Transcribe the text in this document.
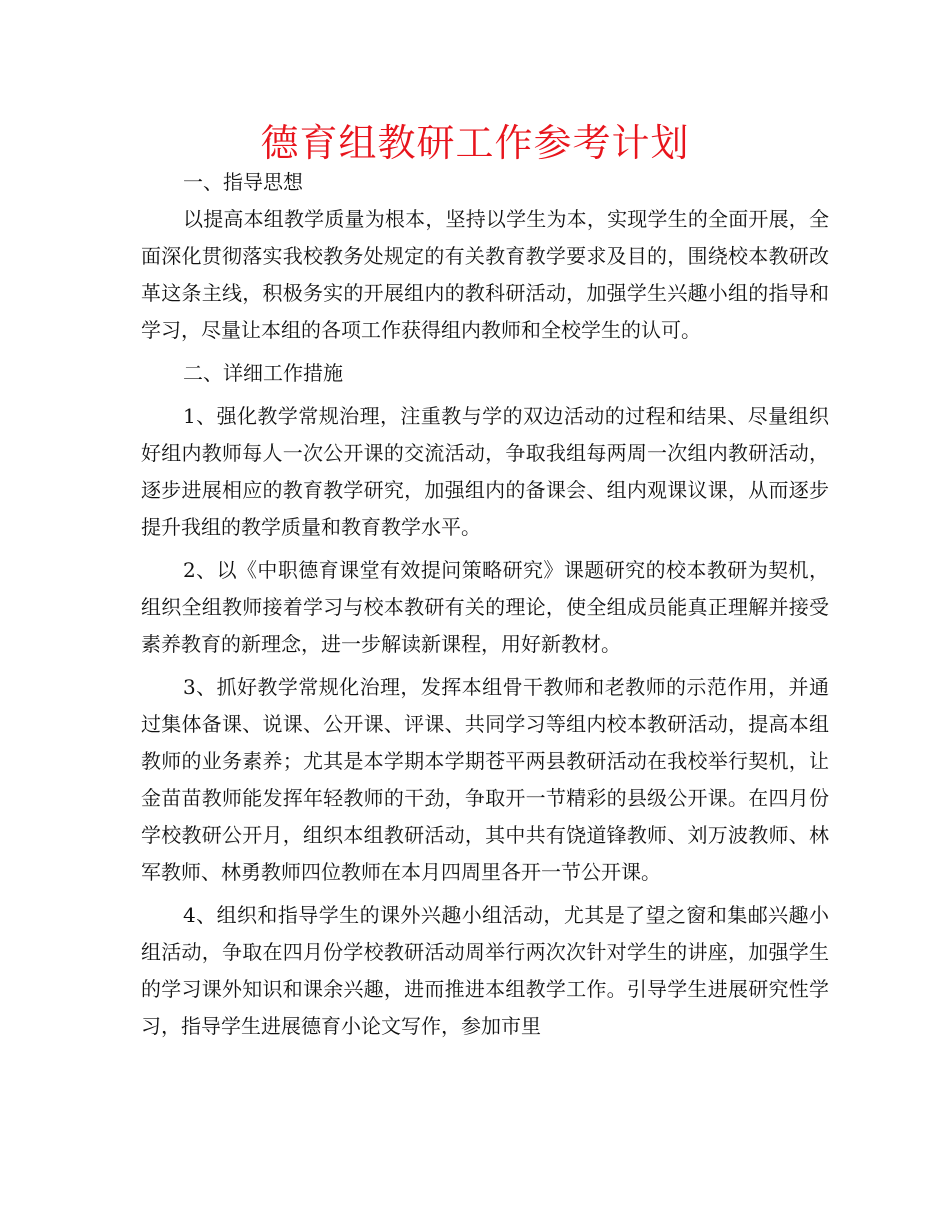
德育组教研工作参考计划

一、指导思想

以提高本组教学质量为根本，坚持以学生为本，实现学生的全面开展，全面深化贯彻落实我校教务处规定的有关教育教学要求及目的，围绕校本教研改革这条主线，积极务实的开展组内的教科研活动，加强学生兴趣小组的指导和学习，尽量让本组的各项工作获得组内教师和全校学生的认可。

二、详细工作措施

1、强化教学常规治理，注重教与学的双边活动的过程和结果、尽量组织好组内教师每人一次公开课的交流活动，争取我组每两周一次组内教研活动，逐步进展相应的教育教学研究，加强组内的备课会、组内观课议课，从而逐步提升我组的教学质量和教育教学水平。

2、以《中职德育课堂有效提问策略研究》课题研究的校本教研为契机，组织全组教师接着学习与校本教研有关的理论，使全组成员能真正理解并接受素养教育的新理念，进一步解读新课程，用好新教材。

3、抓好教学常规化治理，发挥本组骨干教师和老教师的示范作用，并通过集体备课、说课、公开课、评课、共同学习等组内校本教研活动，提高本组教师的业务素养；尤其是本学期本学期苍平两县教研活动在我校举行契机，让金苗苗教师能发挥年轻教师的干劲，争取开一节精彩的县级公开课。在四月份学校教研公开月，组织本组教研活动，其中共有饶道锋教师、刘万波教师、林军教师、林勇教师四位教师在本月四周里各开一节公开课。

4、组织和指导学生的课外兴趣小组活动，尤其是了望之窗和集邮兴趣小组活动，争取在四月份学校教研活动周举行两次次针对学生的讲座，加强学生的学习课外知识和课余兴趣，进而推进本组教学工作。引导学生进展研究性学习，指导学生进展德育小论文写作，参加市里
